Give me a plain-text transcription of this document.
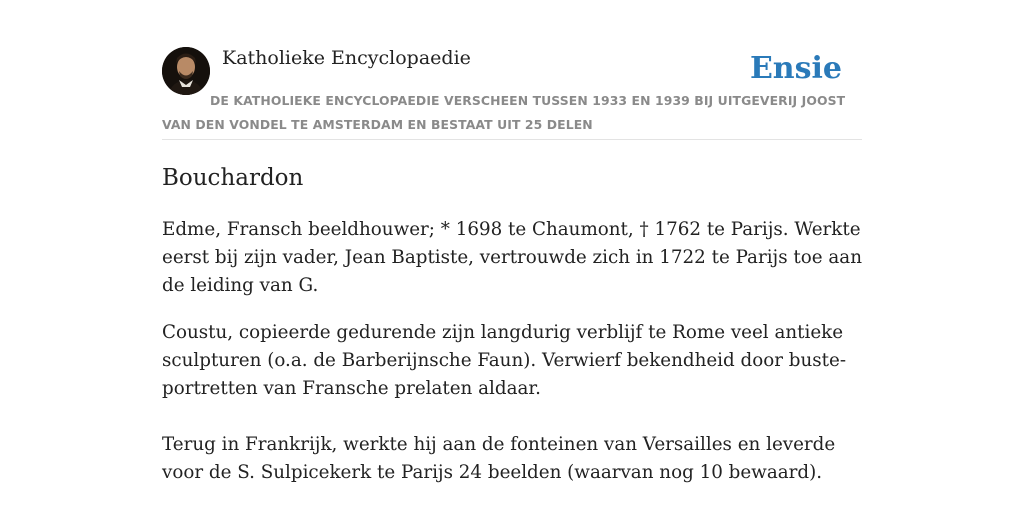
Katholieke Encyclopaedie	Ensie
DE KATHOLIEKE ENCYCLOPAEDIE VERSCHEEN TUSSEN 1933 EN 1939 BIJ UITGEVERIJ JOOST VAN DEN VONDEL TE AMSTERDAM EN BESTAAT UIT 25 DELEN
Bouchardon

Edme, Fransch beeldhouwer; * 1698 te Chaumont, † 1762 te Parijs. Werkte eerst bij zijn vader, Jean Baptiste, vertrouwde zich in 1722 te Parijs toe aan de leiding van G.

Coustu, copieerde gedurende zijn langdurig verblijf te Rome veel antieke sculpturen (o.a. de Barberijnsche Faun). Verwierf bekendheid door buste-portretten van Fransche prelaten aldaar.

Terug in Frankrijk, werkte hij aan de fonteinen van Versailles en leverde voor de S. Sulpicekerk te Parijs 24 beelden (waarvan nog 10 bewaard).
